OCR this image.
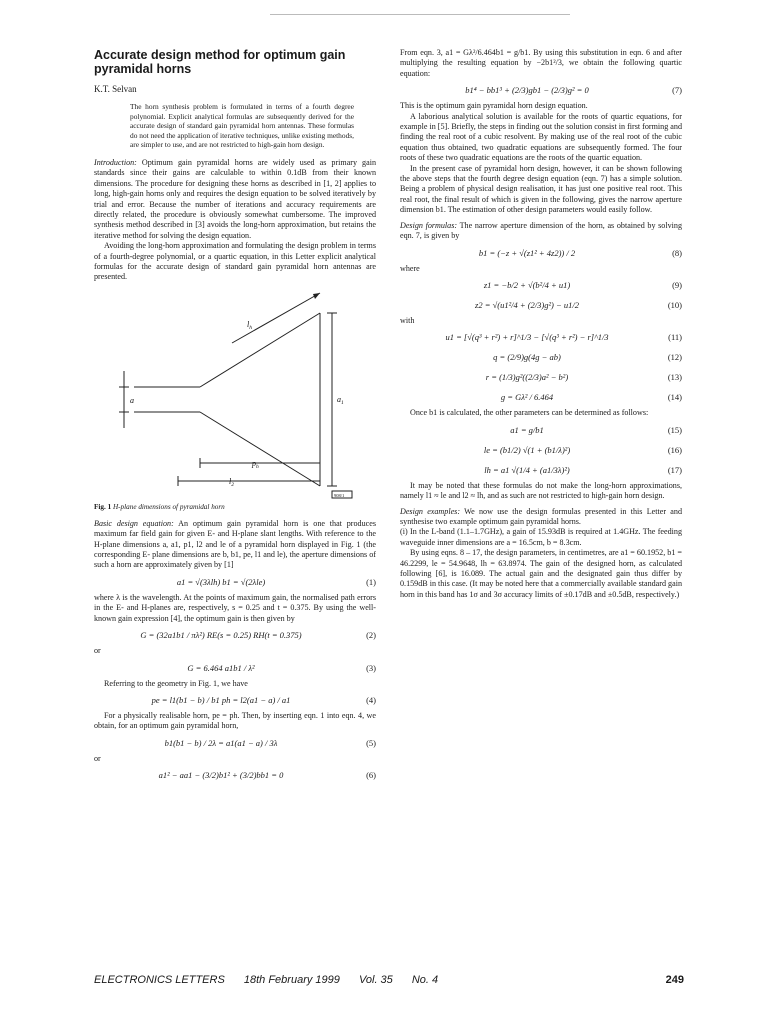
Accurate design method for optimum gain pyramidal horns
K.T. Selvan

The horn synthesis problem is formulated in terms of a fourth degree polynomial. Explicit analytical formulas are subsequently derived for the accurate design of standard gain pyramidal horn antennas. These formulas do not need the application of iterative techniques, unlike existing methods, are simpler to use, and are not restricted to high-gain horn design.

Introduction: Optimum gain pyramidal horns are widely used as primary gain standards since their gains are calculable to within 0.1dB from their known dimensions. The procedure for designing these horns as described in [1, 2] applies to long, high-gain horns only and requires the design equation to be solved iteratively by trial and error. Because the number of iterations and accuracy requirements are directly related, the procedure is obviously somewhat cumbersome. The improved synthesis method described in [3] avoids the long-horn approximation, but retains the iterative method for solving the design equation.

Avoiding the long-horn approximation and formulating the design problem in terms of a fourth-degree polynomial, or a quartic equation, in this Letter explicit analytical formulas for the accurate design of standard gain pyramidal horn antennas are presented.

$l_h$
a	$a_1$
$p_h$
$l_2$
908/1
Fig. 1 H-plane dimensions of pyramidal horn

Basic design equation: An optimum gain pyramidal horn is one that produces maximum far field gain for given E- and H-plane slant lengths. With reference to the H-plane dimensions a, a1, p1, l2 and le of a pyramidal horn displayed in Fig. 1 (the corresponding E- plane dimensions are b, b1, pe, l1 and le), the aperture dimensions of such a horn are approximately given by [1]

a1 = √(3λlh) b1 = √(2λle)	(1)

where λ is the wavelength. At the points of maximum gain, the normalised path errors in the E- and H-planes are, respectively, s = 0.25 and t = 0.375. By using the well-known gain expression [4], the optimum gain is then given by

G = (32a1b1 / πλ²) RE(s = 0.25) RH(t = 0.375)	(2)

or

G = 6.464 a1b1 / λ²	(3)

Referring to the geometry in Fig. 1, we have

pe = l1(b1 − b) / b1 ph = l2(a1 − a) / a1	(4)

For a physically realisable horn, pe = ph. Then, by inserting eqn. 1 into eqn. 4, we obtain, for an optimum gain pyramidal horn,

b1(b1 − b) / 2λ = a1(a1 − a) / 3λ	(5)

or

a1² − aa1 − (3/2)b1² + (3/2)bb1 = 0	(6)

From eqn. 3, a1 = Gλ²/6.464b1 = g/b1. By using this substitution in eqn. 6 and after multiplying the resulting equation by −2b1²/3, we obtain the following quartic equation:

b1⁴ − bb1³ + (2/3)gb1 − (2/3)g² = 0	(7)

This is the optimum gain pyramidal horn design equation.

A laborious analytical solution is available for the roots of quartic equations, for example in [5]. Briefly, the steps in finding out the solution consist in first forming and finding the real root of a cubic resolvent. By making use of the real root of the cubic equation thus obtained, two quadratic equations are subsequently formed. The four roots of these two quadratic equations are the roots of the quartic equation.

In the present case of pyramidal horn design, however, it can be shown following the above steps that the fourth degree design equation (eqn. 7) has a simple solution. Being a problem of physical design realisation, it has just one positive real root. This real root, the final result of which is given in the following, gives the narrow aperture dimension b1. The estimation of other design parameters would easily follow.

Design formulas: The narrow aperture dimension of the horn, as obtained by solving eqn. 7, is given by

b1 = (−z + √(z1² + 4z2)) / 2	(8)

where

z1 = −b/2 + √(b²/4 + u1)	(9)
z2 = √(u1²/4 + (2/3)g²) − u1/2	(10)

with

u1 = [√(q³ + r²) + r]^1/3 − [√(q³ + r²) − r]^1/3	(11)
q = (2/9)g(4g − ab)	(12)
r = (1/3)g²((2/3)a² − b²)	(13)
g = Gλ² / 6.464	(14)

Once b1 is calculated, the other parameters can be determined as follows:

a1 = g/b1	(15)
le = (b1/2) √(1 + (b1/λ)²)	(16)
lh = a1 √(1/4 + (a1/3λ)²)	(17)

It may be noted that these formulas do not make the long-horn approximations, namely l1 ≈ le and l2 ≈ lh, and as such are not restricted to high-gain horn design.

Design examples: We now use the design formulas presented in this Letter and synthesise two example optimum gain pyramidal horns.

(i) In the L-band (1.1–1.7GHz), a gain of 15.93dB is required at 1.4GHz. The feeding waveguide inner dimensions are a = 16.5cm, b = 8.3cm.

By using eqns. 8 – 17, the design parameters, in centimetres, are a1 = 60.1952, b1 = 46.2299, le = 54.9648, lh = 63.8974. The gain of the designed horn, as calculated following [6], is 16.089. The actual gain and the designated gain thus differ by 0.159dB in this case. (It may be noted here that a commercially available standard gain horn in this band has 1σ and 3σ accuracy limits of ±0.17dB and ±0.5dB, respectively.)

ELECTRONICS LETTERS 18th February 1999 Vol. 35 No. 4	249
